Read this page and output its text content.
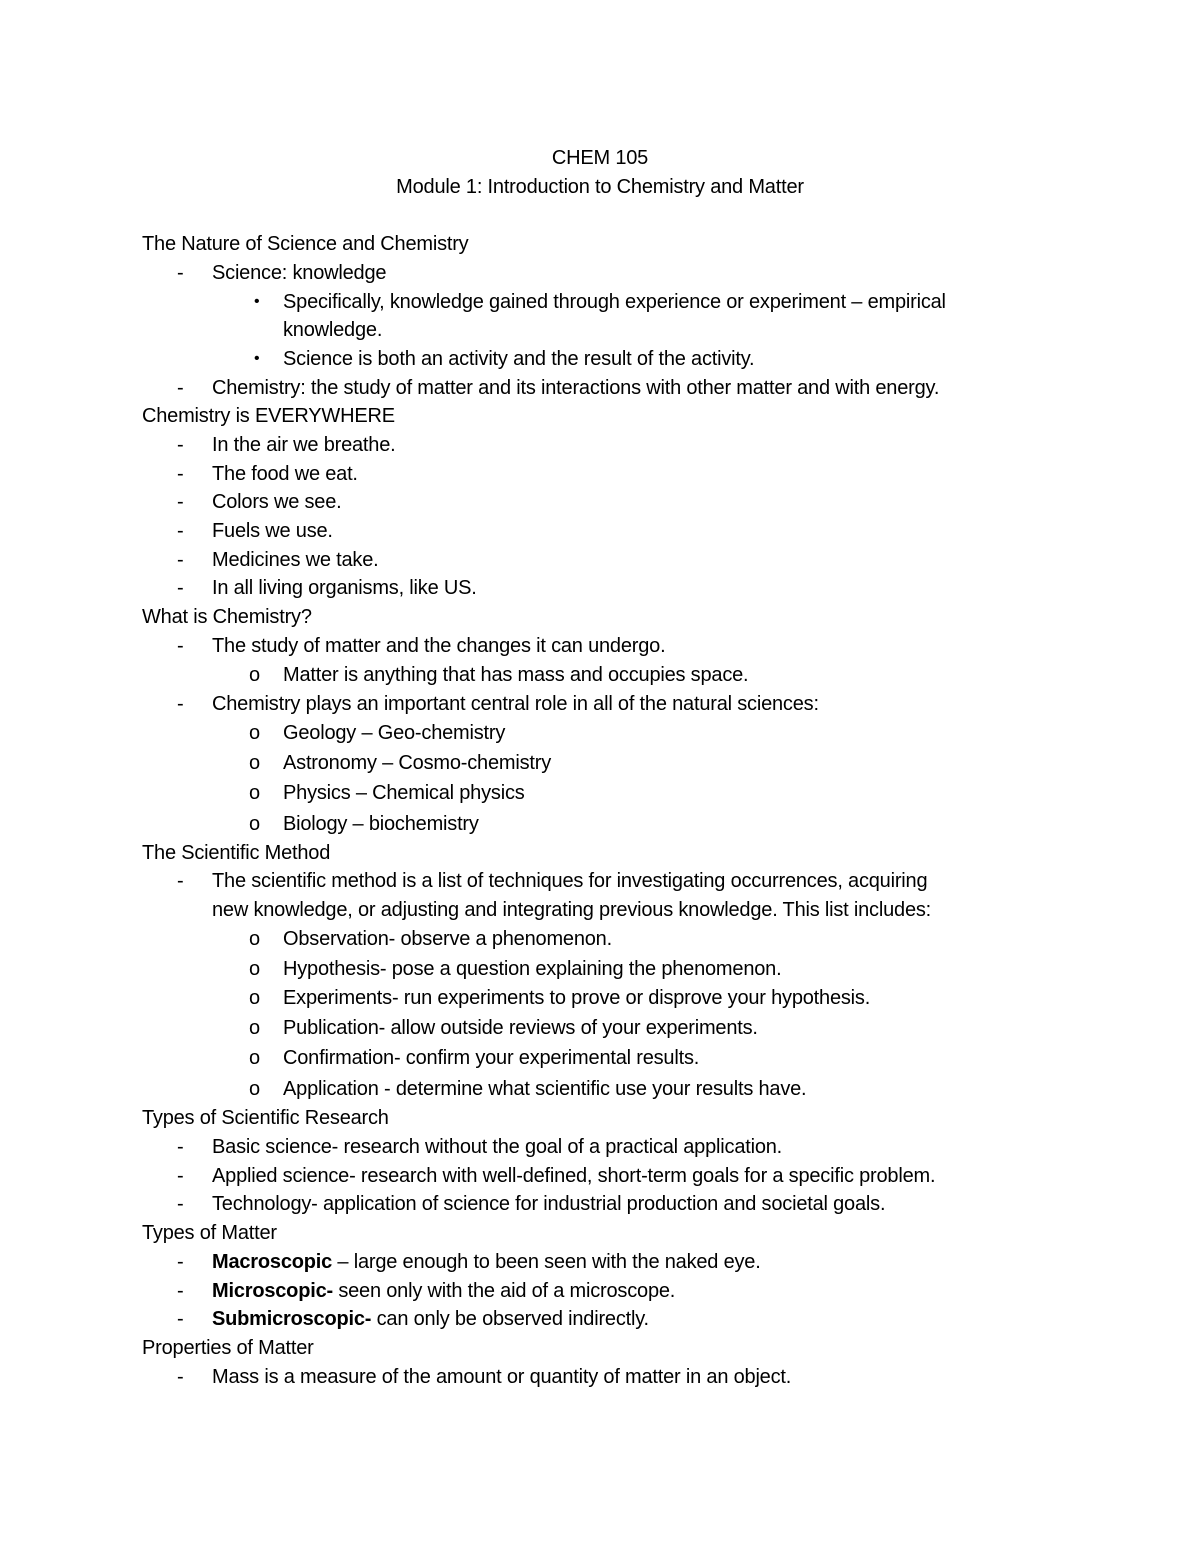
CHEM 105
Module 1: Introduction to Chemistry and Matter
The Nature of Science and Chemistry
- Science: knowledge
• Specifically, knowledge gained through experience or experiment – empirical
knowledge.
• Science is both an activity and the result of the activity.
- Chemistry: the study of matter and its interactions with other matter and with energy.
Chemistry is EVERYWHERE
- In the air we breathe.
- The food we eat.
- Colors we see.
- Fuels we use.
- Medicines we take.
- In all living organisms, like US.
What is Chemistry?
- The study of matter and the changes it can undergo.
o Matter is anything that has mass and occupies space.
- Chemistry plays an important central role in all of the natural sciences:
o Geology – Geo-chemistry
o Astronomy – Cosmo-chemistry
o Physics – Chemical physics
o Biology – biochemistry
The Scientific Method
- The scientific method is a list of techniques for investigating occurrences, acquiring
new knowledge, or adjusting and integrating previous knowledge. This list includes:
o Observation- observe a phenomenon.
o Hypothesis- pose a question explaining the phenomenon.
o Experiments- run experiments to prove or disprove your hypothesis.
o Publication- allow outside reviews of your experiments.
o Confirmation- confirm your experimental results.
o Application - determine what scientific use your results have.
Types of Scientific Research
- Basic science- research without the goal of a practical application.
- Applied science- research with well-defined, short-term goals for a specific problem.
- Technology- application of science for industrial production and societal goals.
Types of Matter
- Macroscopic – large enough to been seen with the naked eye.
- Microscopic- seen only with the aid of a microscope.
- Submicroscopic- can only be observed indirectly.
Properties of Matter
- Mass is a measure of the amount or quantity of matter in an object.
